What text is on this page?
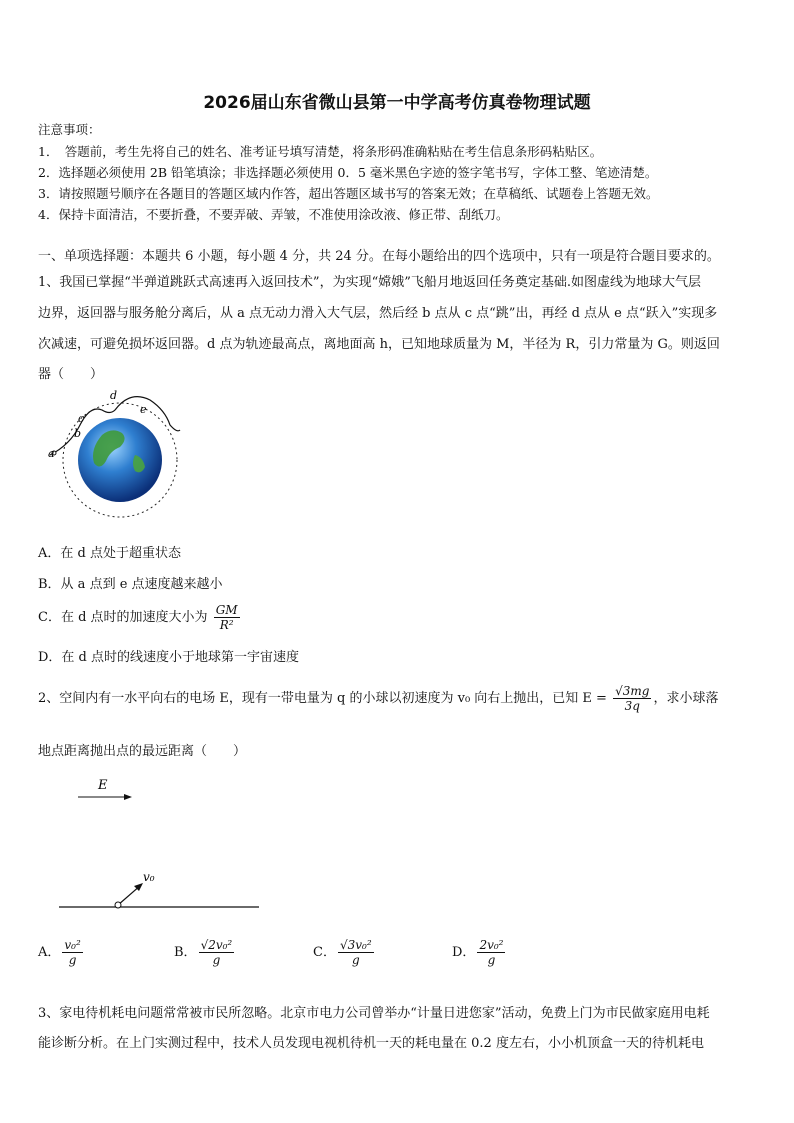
2026届山东省微山县第一中学高考仿真卷物理试题
注意事项：
1．　答题前，考生先将自己的姓名、准考证号填写清楚，将条形码准确粘贴在考生信息条形码粘贴区。
2．选择题必须使用 2B 铅笔填涂；非选择题必须使用 0．5 毫米黑色字迹的签字笔书写，字体工整、笔迹清楚。
3．请按照题号顺序在各题目的答题区域内作答，超出答题区域书写的答案无效；在草稿纸、试题卷上答题无效。
4．保持卡面清洁，不要折叠，不要弄破、弄皱，不准使用涂改液、修正带、刮纸刀。
一、单项选择题：本题共 6 小题，每小题 4 分，共 24 分。在每小题给出的四个选项中，只有一项是符合题目要求的。
1、我国已掌握“半弹道跳跃式高速再入返回技术”，为实现“嫦娥”飞船月地返回任务奠定基础.如图虚线为地球大气层
边界，返回器与服务舱分离后，从 a 点无动力滑入大气层，然后经 b 点从 c 点“跳”出，再经 d 点从 e 点“跃入”实现多
次减速，可避免损坏返回器。d 点为轨迹最高点，离地面高 h，已知地球质量为 M，半径为 R，引力常量为 G。则返回
器（　　）
a
b
c
d
e
A．在 d 点处于超重状态
B．从 a 点到 e 点速度越来越小
C．在 d 点时的加速度大小为 $\frac{GM}{\text{R²}}$
D．在 d 点时的线速度小于地球第一宇宙速度
2、空间内有一水平向右的电场 E，现有一带电量为 q 的小球以初速度为 v₀ 向右上抛出，已知 $E = \frac{√3mg}{3q}$ ，求小球落
地点距离抛出点的最远距离（　　）
E
v₀
A． $\frac{\text{v₀²}}{g}$	B． $\frac{\text{√2v₀²}}{g}$	C． $\frac{\text{√3v₀²}}{g}$	D． $\frac{\text{2v₀²}}{g}$
3、家电待机耗电问题常常被市民所忽略。北京市电力公司曾举办“计量日进您家”活动，免费上门为市民做家庭用电耗
能诊断分析。在上门实测过程中，技术人员发现电视机待机一天的耗电量在 0.2 度左右，小小机顶盒一天的待机耗电
